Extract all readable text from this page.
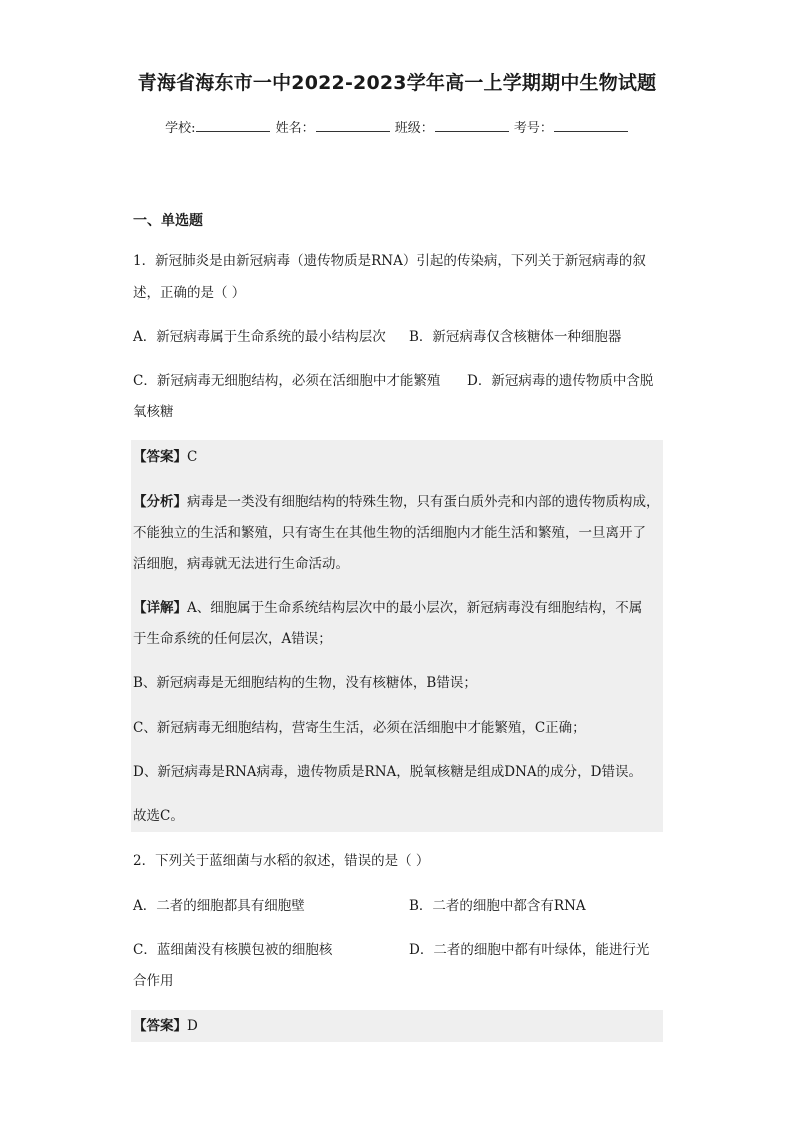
青海省海东市一中2022-2023学年高一上学期期中生物试题
学校:	姓名：	班级：	考号：
一、单选题
1．新冠肺炎是由新冠病毒（遗传物质是RNA）引起的传染病，下列关于新冠病毒的叙
述，正确的是（ ）
A．新冠病毒属于生命系统的最小结构层次 B．新冠病毒仅含核糖体一种细胞器
C．新冠病毒无细胞结构，必须在活细胞中才能繁殖 D．新冠病毒的遗传物质中含脱
氧核糖
【答案】C
【分析】病毒是一类没有细胞结构的特殊生物，只有蛋白质外壳和内部的遗传物质构成，
不能独立的生活和繁殖，只有寄生在其他生物的活细胞内才能生活和繁殖，一旦离开了
活细胞，病毒就无法进行生命活动。
【详解】A、细胞属于生命系统结构层次中的最小层次，新冠病毒没有细胞结构，不属
于生命系统的任何层次，A错误；
B、新冠病毒是无细胞结构的生物，没有核糖体，B错误；
C、新冠病毒无细胞结构，营寄生生活，必须在活细胞中才能繁殖，C正确；
D、新冠病毒是RNA病毒，遗传物质是RNA，脱氧核糖是组成DNA的成分，D错误。
故选C。
2．下列关于蓝细菌与水稻的叙述，错误的是（ ）
A．二者的细胞都具有细胞壁	B．二者的细胞中都含有RNA
C．蓝细菌没有核膜包被的细胞核	D．二者的细胞中都有叶绿体，能进行光
合作用
【答案】D
